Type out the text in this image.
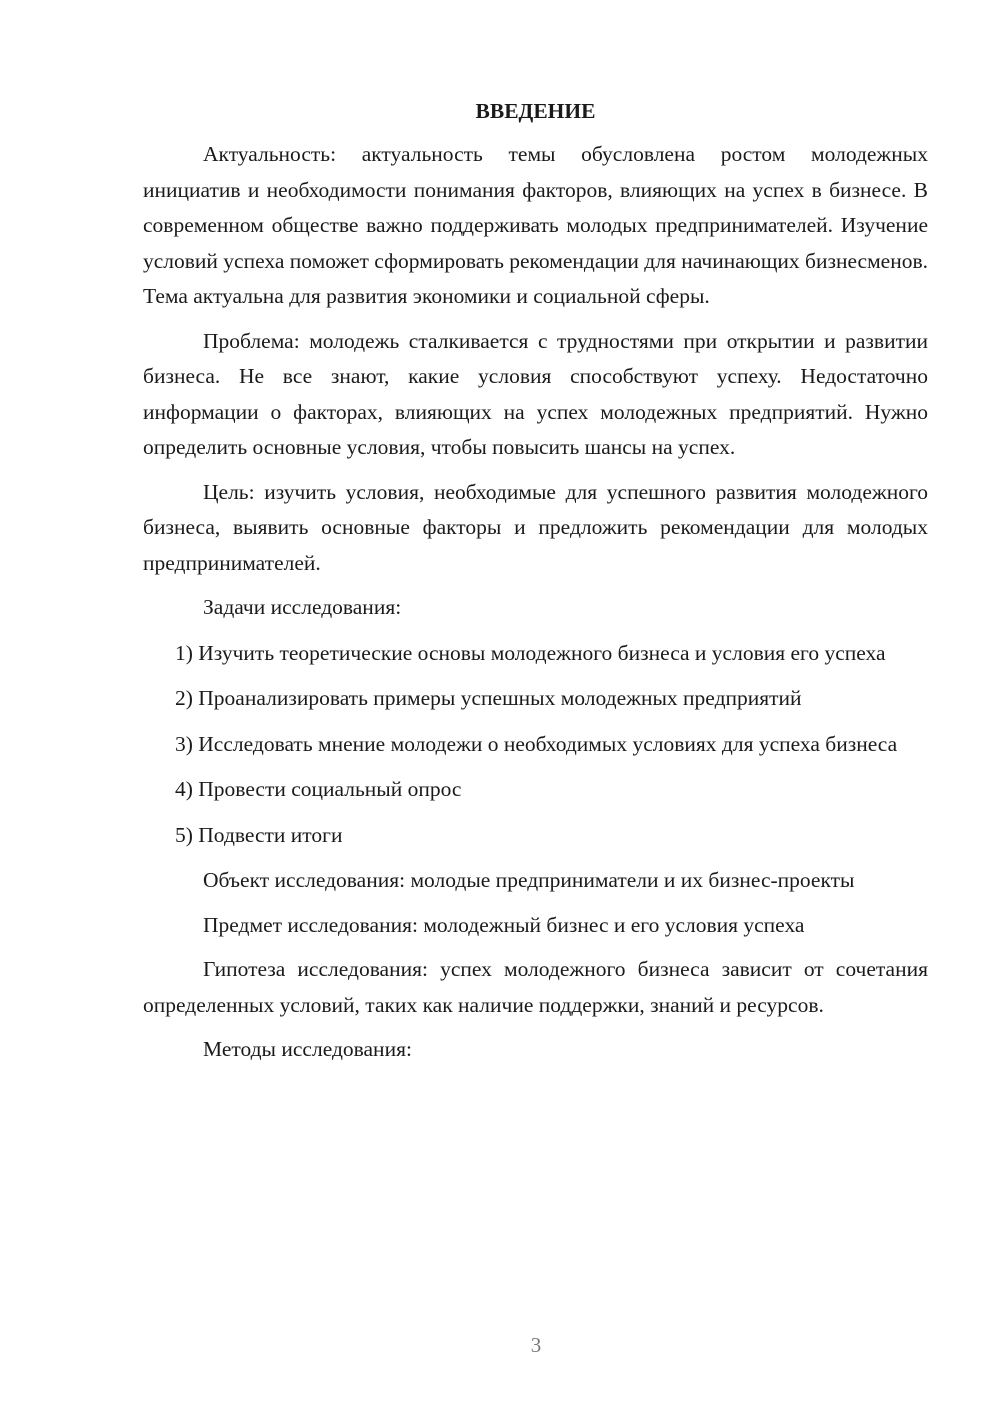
ВВЕДЕНИЕ

Актуальность: актуальность темы обусловлена ростом молодежных инициатив и необходимости понимания факторов, влияющих на успех в бизнесе. В современном обществе важно поддерживать молодых предпринимателей. Изучение условий успеха поможет сформировать рекомендации для начинающих бизнесменов. Тема актуальна для развития экономики и социальной сферы.

Проблема: молодежь сталкивается с трудностями при открытии и развитии бизнеса. Не все знают, какие условия способствуют успеху. Недостаточно информации о факторах, влияющих на успех молодежных предприятий. Нужно определить основные условия, чтобы повысить шансы на успех.

Цель: изучить условия, необходимые для успешного развития молодежного бизнеса, выявить основные факторы и предложить рекомендации для молодых предпринимателей.

Задачи исследования:

1) Изучить теоретические основы молодежного бизнеса и условия его успеха

2) Проанализировать примеры успешных молодежных предприятий

3) Исследовать мнение молодежи о необходимых условиях для успеха бизнеса

4) Провести социальный опрос

5) Подвести итоги

Объект исследования: молодые предприниматели и их бизнес-проекты

Предмет исследования: молодежный бизнес и его условия успеха

Гипотеза исследования: успех молодежного бизнеса зависит от сочетания определенных условий, таких как наличие поддержки, знаний и ресурсов.

Методы исследования:

3
